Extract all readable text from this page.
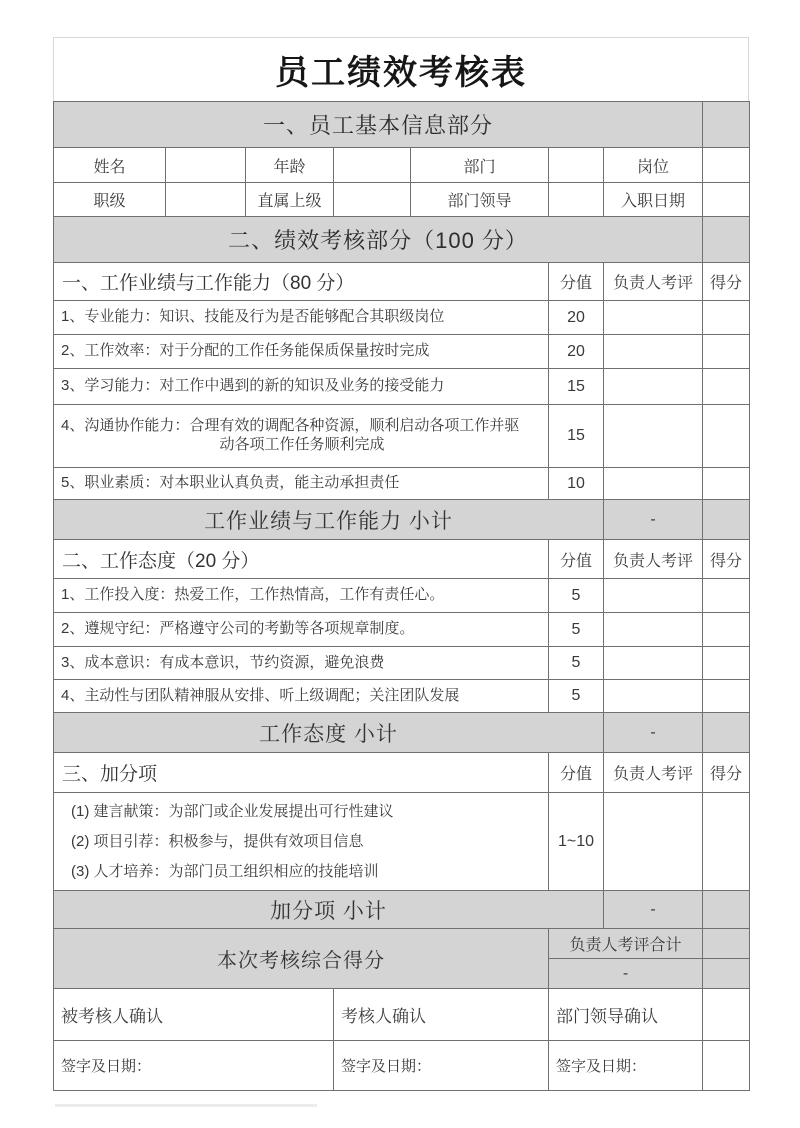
员工绩效考核表
一、员工基本信息部分							
姓名		年龄		部门		岗位	
职级		直属上级		部门领导		入职日期	
二、绩效考核部分（100 分）							
一、工作业绩与工作能力（80 分）					分值	负责人考评	得分
1、专业能力：知识、技能及行为是否能够配合其职级岗位					20		
2、工作效率：对于分配的工作任务能保质保量按时完成					20		
3、学习能力：对工作中遇到的新的知识及业务的接受能力					15		

4、沟通协作能力：合理有效的调配各种资源，顺利启动各项工作并驱
动各项工作任务顺利完成					15		
5、职业素质：对本职业认真负责，能主动承担责任					10		
工作业绩与工作能力 小计						-	
二、工作态度（20 分）					分值	负责人考评	得分
1、工作投入度：热爱工作，工作热情高，工作有责任心。					5		
2、遵规守纪：严格遵守公司的考勤等各项规章制度。					5		
3、成本意识：有成本意识，节约资源，避免浪费					5		
4、主动性与团队精神服从安排、听上级调配；关注团队发展					5		
工作态度 小计						-	
三、加分项					分值	负责人考评	得分

(1) 建言献策：为部门或企业发展提出可行性建议
(2) 项目引荐：积极参与，提供有效项目信息
(3) 人才培养：为部门员工组织相应的技能培训					1~10		
加分项 小计						-	
本次考核综合得分					负责人考评合计		
					-		
被考核人确认			考核人确认		部门领导确认		
签字及日期：			签字及日期：		签字及日期：		
